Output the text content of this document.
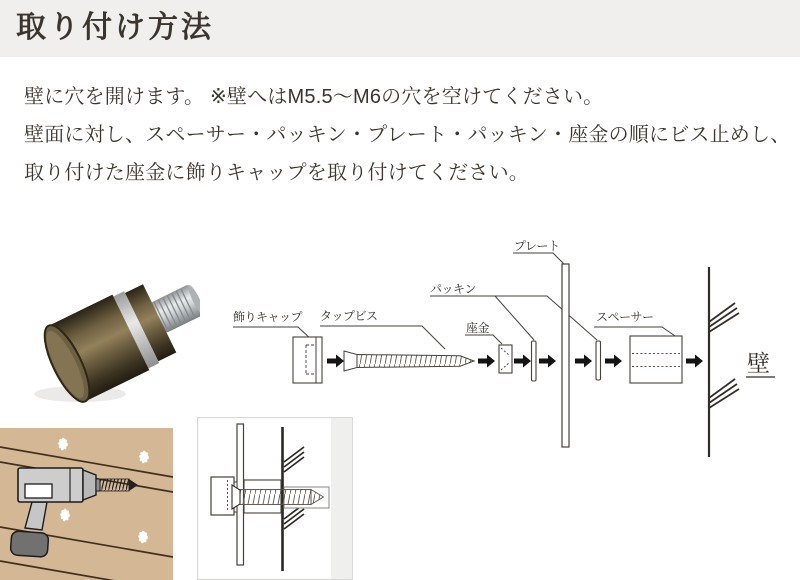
取り付け方法
壁に穴を開けます。 ※壁へはM5.5～M6の穴を空けてください。
壁面に対し、スペーサー・パッキン・プレート・パッキン・座金の順にビス止めし、
取り付けた座金に飾りキャップを取り付けてください。
飾りキャップ タップビス
座金
パッキン
プレート
スペーサー
壁
